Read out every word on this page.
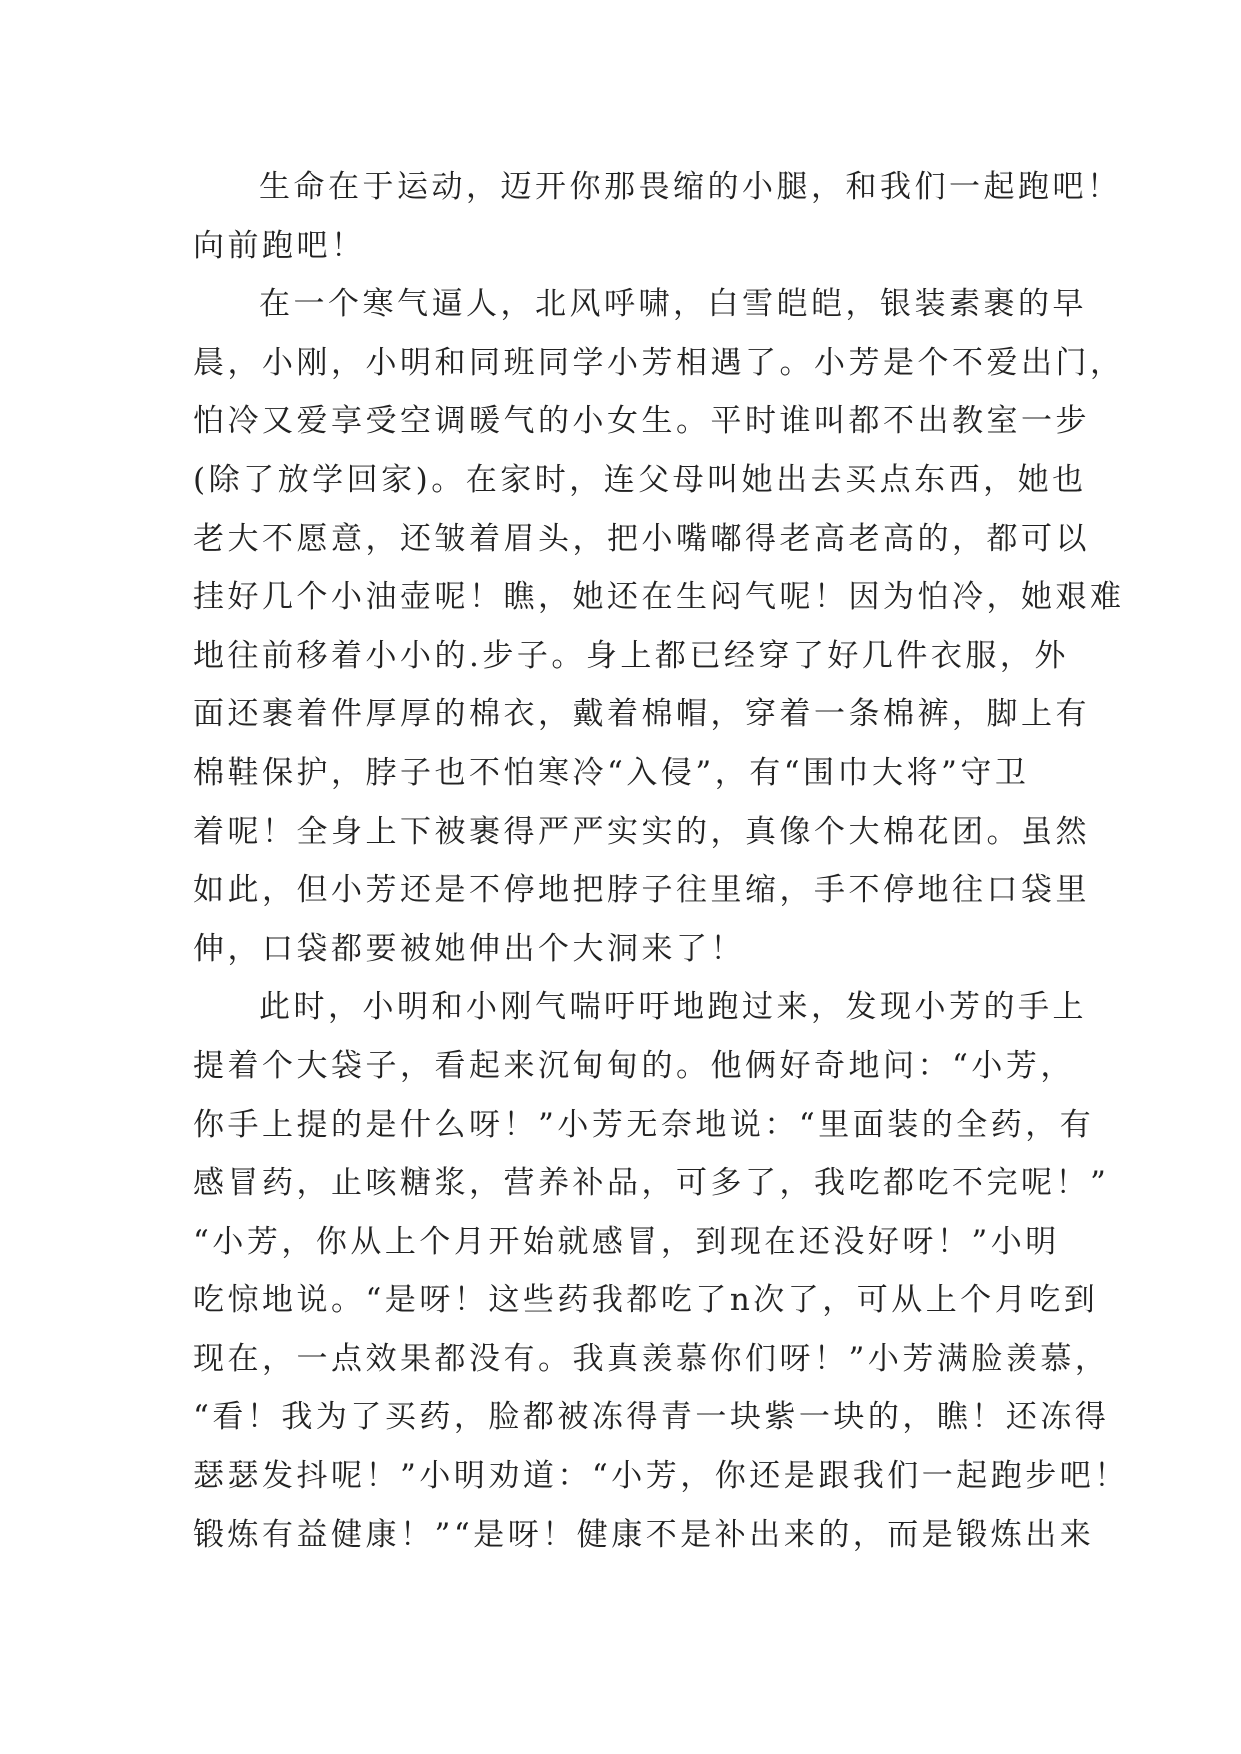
生命在于运动，迈开你那畏缩的小腿，和我们一起跑吧！
向前跑吧！
在一个寒气逼人，北风呼啸，白雪皑皑，银装素裹的早
晨，小刚，小明和同班同学小芳相遇了。小芳是个不爱出门，
怕冷又爱享受空调暖气的小女生。平时谁叫都不出教室一步
(除了放学回家)。在家时，连父母叫她出去买点东西，她也
老大不愿意，还皱着眉头，把小嘴嘟得老高老高的，都可以
挂好几个小油壶呢！瞧，她还在生闷气呢！因为怕冷，她艰难
地往前移着小小的.步子。身上都已经穿了好几件衣服，外
面还裹着件厚厚的棉衣，戴着棉帽，穿着一条棉裤，脚上有
棉鞋保护，脖子也不怕寒冷“入侵”，有“围巾大将”守卫
着呢！全身上下被裹得严严实实的，真像个大棉花团。虽然
如此，但小芳还是不停地把脖子往里缩，手不停地往口袋里
伸，口袋都要被她伸出个大洞来了！
此时，小明和小刚气喘吁吁地跑过来，发现小芳的手上
提着个大袋子，看起来沉甸甸的。他俩好奇地问：“小芳，
你手上提的是什么呀！”小芳无奈地说：“里面装的全药，有
感冒药，止咳糖浆，营养补品，可多了，我吃都吃不完呢！”
“小芳，你从上个月开始就感冒，到现在还没好呀！”小明
吃惊地说。“是呀！这些药我都吃了n次了，可从上个月吃到
现在，一点效果都没有。我真羡慕你们呀！”小芳满脸羡慕，
“看！我为了买药，脸都被冻得青一块紫一块的，瞧！还冻得
瑟瑟发抖呢！”小明劝道：“小芳，你还是跟我们一起跑步吧！
锻炼有益健康！”“是呀！健康不是补出来的，而是锻炼出来
